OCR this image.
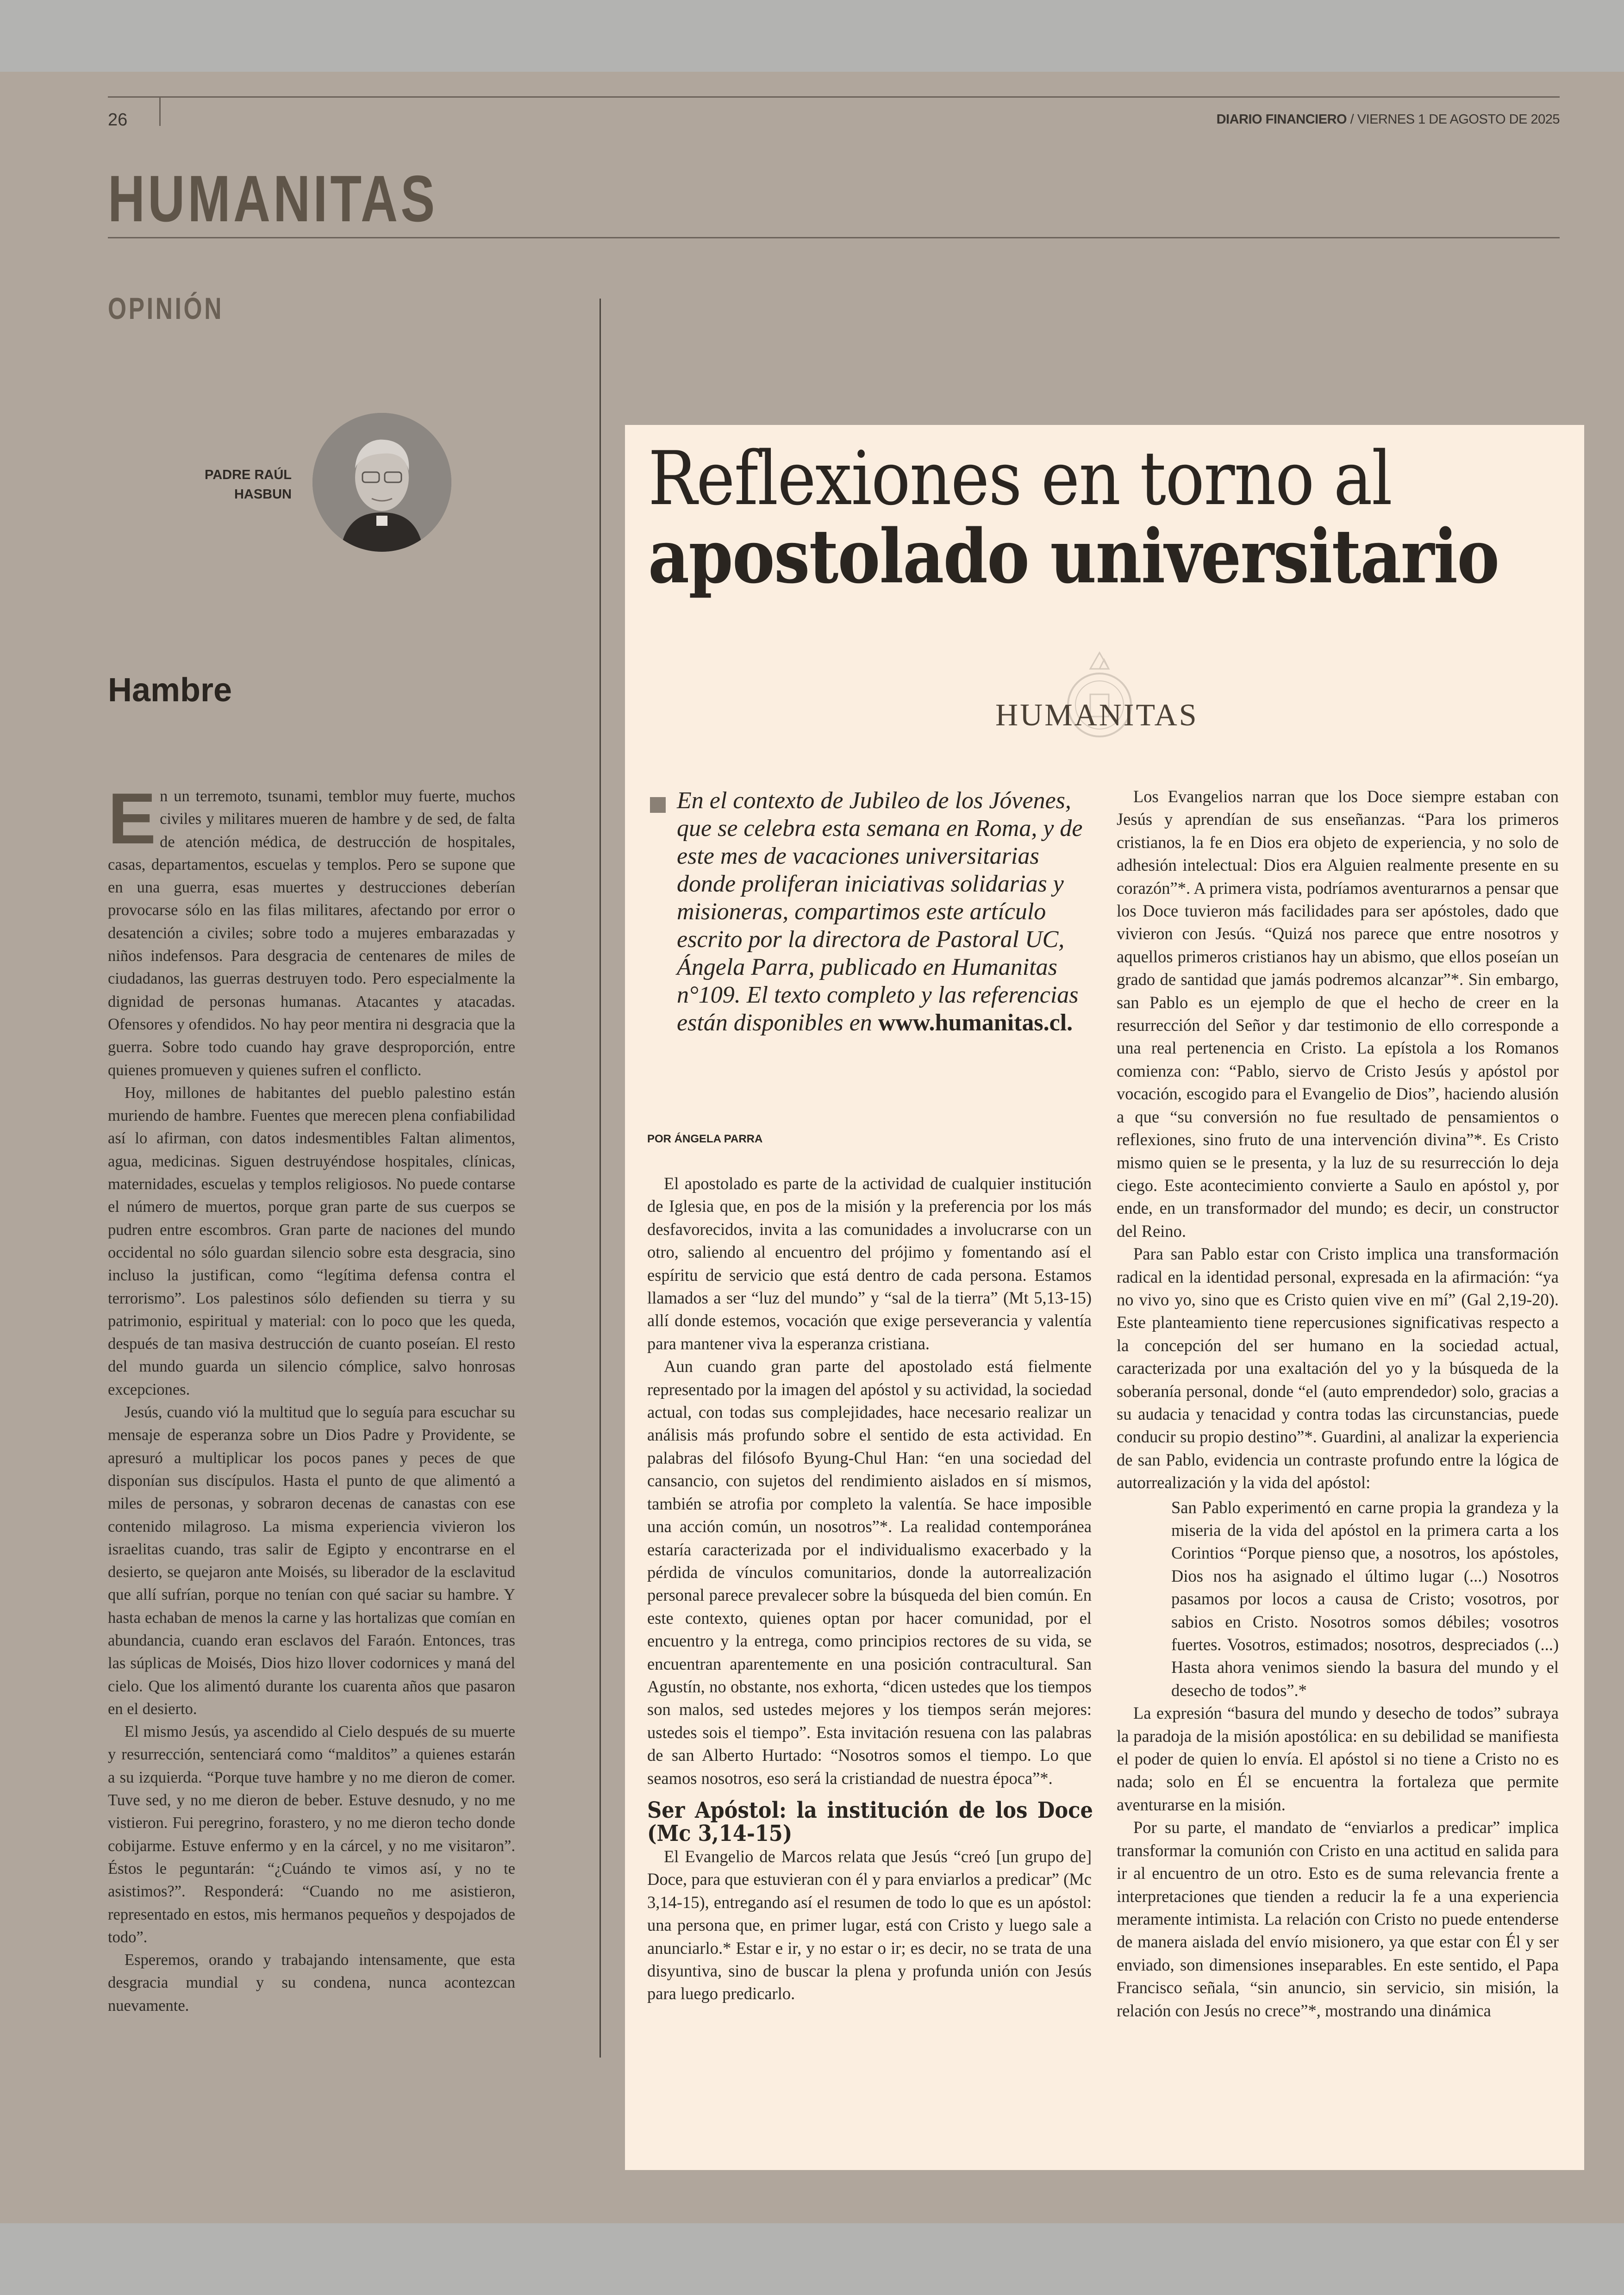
26	DIARIO FINANCIERO / VIERNES 1 DE AGOSTO DE 2025
HUMANITAS
OPINIÓN
PADRE RAÚL
HASBUN
Hambre

En un terremoto, tsunami, temblor muy fuerte, muchos civiles y militares mueren de hambre y de sed, de falta de atención médica, de destrucción de hospitales, casas, departamentos, escuelas y templos. Pero se supone que en una guerra, esas muertes y destrucciones deberían provocarse sólo en las filas militares, afectando por error o desatención a civiles; sobre todo a mujeres embarazadas y niños indefensos. Para desgracia de centenares de miles de ciudadanos, las guerras destruyen todo. Pero especialmente la dignidad de personas humanas. Atacantes y atacadas. Ofensores y ofendidos. No hay peor mentira ni desgracia que la guerra. Sobre todo cuando hay grave desproporción, entre quienes promueven y quienes sufren el conflicto.

Hoy, millones de habitantes del pueblo palestino están muriendo de hambre. Fuentes que merecen plena confiabilidad así lo afirman, con datos indesmentibles Faltan alimentos, agua, medicinas. Siguen destruyéndose hospitales, clínicas, maternidades, escuelas y templos religiosos. No puede contarse el número de muertos, porque gran parte de sus cuerpos se pudren entre escombros. Gran parte de naciones del mundo occidental no sólo guardan silencio sobre esta desgracia, sino incluso la justifican, como “legítima defensa contra el terrorismo”. Los palestinos sólo defienden su tierra y su patrimonio, espiritual y material: con lo poco que les queda, después de tan masiva destrucción de cuanto poseían. El resto del mundo guarda un silencio cómplice, salvo honrosas excepciones.

Jesús, cuando vió la multitud que lo seguía para escuchar su mensaje de esperanza sobre un Dios Padre y Providente, se apresuró a multiplicar los pocos panes y peces de que disponían sus discípulos. Hasta el punto de que alimentó a miles de personas, y sobraron decenas de canastas con ese contenido milagroso. La misma experiencia vivieron los israelitas cuando, tras salir de Egipto y encontrarse en el desierto, se quejaron ante Moisés, su liberador de la esclavitud que allí sufrían, porque no tenían con qué saciar su hambre. Y hasta echaban de menos la carne y las hortalizas que comían en abundancia, cuando eran esclavos del Faraón. Entonces, tras las súplicas de Moisés, Dios hizo llover codornices y maná del cielo. Que los alimentó durante los cuarenta años que pasaron en el desierto.

El mismo Jesús, ya ascendido al Cielo después de su muerte y resurrección, sentenciará como “malditos” a quienes estarán a su izquierda. “Porque tuve hambre y no me dieron de comer. Tuve sed, y no me dieron de beber. Estuve desnudo, y no me vistieron. Fui peregrino, forastero, y no me dieron techo donde cobijarme. Estuve enfermo y en la cárcel, y no me visitaron”. Éstos le peguntarán: “¿Cuándo te vimos así, y no te asistimos?”. Responderá: “Cuando no me asistieron, representado en estos, mis hermanos pequeños y despojados de todo”.

Esperemos, orando y trabajando intensamente, que esta desgracia mundial y su condena, nunca acontezcan nuevamente.

Reflexiones en torno al
apostolado universitario
HUMANITAS
En el contexto de Jubileo de los Jóvenes, que se celebra esta semana en Roma, y de este mes de vacaciones universitarias donde proliferan iniciativas solidarias y misioneras, compartimos este artículo escrito por la directora de Pastoral UC, Ángela Parra, publicado en Humanitas n°109. El texto completo y las referencias están disponibles en www.humanitas.cl.
POR ÁNGELA PARRA

El apostolado es parte de la actividad de cualquier institución de Iglesia que, en pos de la misión y la preferencia por los más desfavorecidos, invita a las comunidades a involucrarse con un otro, saliendo al encuentro del prójimo y fomentando así el espíritu de servicio que está dentro de cada persona. Estamos llamados a ser “luz del mundo” y “sal de la tierra” (Mt 5,13-15) allí donde estemos, vocación que exige perseverancia y valentía para mantener viva la esperanza cristiana.

Aun cuando gran parte del apostolado está fielmente representado por la imagen del apóstol y su actividad, la sociedad actual, con todas sus complejidades, hace necesario realizar un análisis más profundo sobre el sentido de esta actividad. En palabras del filósofo Byung-Chul Han: “en una sociedad del cansancio, con sujetos del rendimiento aislados en sí mismos, también se atrofia por completo la valentía. Se hace imposible una acción común, un nosotros”*. La realidad contemporánea estaría caracterizada por el individualismo exacerbado y la pérdida de vínculos comunitarios, donde la autorrealización personal parece prevalecer sobre la búsqueda del bien común. En este contexto, quienes optan por hacer comunidad, por el encuentro y la entrega, como principios rectores de su vida, se encuentran aparentemente en una posición contracultural. San Agustín, no obstante, nos exhorta, “dicen ustedes que los tiempos son malos, sed ustedes mejores y los tiempos serán mejores: ustedes sois el tiempo”. Esta invitación resuena con las palabras de san Alberto Hurtado: “Nosotros somos el tiempo. Lo que seamos nosotros, eso será la cristiandad de nuestra época”*.

Ser Apóstol: la institución de los Doce (Mc 3,14-15)

El Evangelio de Marcos relata que Jesús “creó [un grupo de] Doce, para que estuvieran con él y para enviarlos a predicar” (Mc 3,14-15), entregando así el resumen de todo lo que es un apóstol: una persona que, en primer lugar, está con Cristo y luego sale a anunciarlo.* Estar e ir, y no estar o ir; es decir, no se trata de una disyuntiva, sino de buscar la plena y profunda unión con Jesús para luego predicarlo.

Los Evangelios narran que los Doce siempre estaban con Jesús y aprendían de sus enseñanzas. “Para los primeros cristianos, la fe en Dios era objeto de experiencia, y no solo de adhesión intelectual: Dios era Alguien realmente presente en su corazón”*. A primera vista, podríamos aventurarnos a pensar que los Doce tuvieron más facilidades para ser apóstoles, dado que vivieron con Jesús. “Quizá nos parece que entre nosotros y aquellos primeros cristianos hay un abismo, que ellos poseían un grado de santidad que jamás podremos alcanzar”*. Sin embargo, san Pablo es un ejemplo de que el hecho de creer en la resurrección del Señor y dar testimonio de ello corresponde a una real pertenencia en Cristo. La epístola a los Romanos comienza con: “Pablo, siervo de Cristo Jesús y apóstol por vocación, escogido para el Evangelio de Dios”, haciendo alusión a que “su conversión no fue resultado de pensamientos o reflexiones, sino fruto de una intervención divina”*. Es Cristo mismo quien se le presenta, y la luz de su resurrección lo deja ciego. Este acontecimiento convierte a Saulo en apóstol y, por ende, en un transformador del mundo; es decir, un constructor del Reino.

Para san Pablo estar con Cristo implica una transformación radical en la identidad personal, expresada en la afirmación: “ya no vivo yo, sino que es Cristo quien vive en mí” (Gal 2,19-20). Este planteamiento tiene repercusiones significativas respecto a la concepción del ser humano en la sociedad actual, caracterizada por una exaltación del yo y la búsqueda de la soberanía personal, donde “el (auto emprendedor) solo, gracias a su audacia y tenacidad y contra todas las circunstancias, puede conducir su propio destino”*. Guardini, al analizar la experiencia de san Pablo, evidencia un contraste profundo entre la lógica de autorrealización y la vida del apóstol:

San Pablo experimentó en carne propia la grandeza y la miseria de la vida del apóstol en la primera carta a los Corintios “Porque pienso que, a nosotros, los apóstoles, Dios nos ha asignado el último lugar (...) Nosotros pasamos por locos a causa de Cristo; vosotros, por sabios en Cristo. Nosotros somos débiles; vosotros fuertes. Vosotros, estimados; nosotros, despreciados (...) Hasta ahora venimos siendo la basura del mundo y el desecho de todos”.*

La expresión “basura del mundo y desecho de todos” subraya la paradoja de la misión apostólica: en su debilidad se manifiesta el poder de quien lo envía. El apóstol si no tiene a Cristo no es nada; solo en Él se encuentra la fortaleza que permite aventurarse en la misión.

Por su parte, el mandato de “enviarlos a predicar” implica transformar la comunión con Cristo en una actitud en salida para ir al encuentro de un otro. Esto es de suma relevancia frente a interpretaciones que tienden a reducir la fe a una experiencia meramente intimista. La relación con Cristo no puede entenderse de manera aislada del envío misionero, ya que estar con Él y ser enviado, son dimensiones inseparables. En este sentido, el Papa Francisco señala, “sin anuncio, sin servicio, sin misión, la relación con Jesús no crece”*, mostrando una dinámica
